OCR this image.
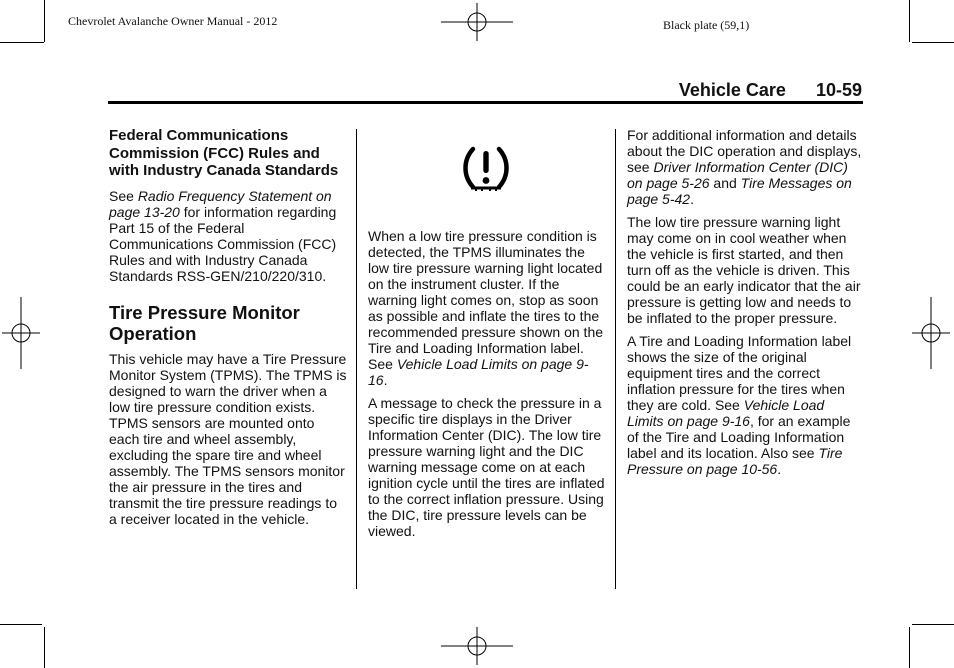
Chevrolet Avalanche Owner Manual - 2012	Black plate (59,1)
Vehicle Care 10-59
Federal Communications Commission (FCC) Rules and with Industry Canada Standards

See Radio Frequency Statement on page 13-20 for information regarding Part 15 of the Federal Communications Commission (FCC) Rules and with Industry Canada Standards RSS-GEN/210/220/310.

Tire Pressure Monitor Operation

This vehicle may have a Tire Pressure Monitor System (TPMS). The TPMS is designed to warn the driver when a low tire pressure condition exists. TPMS sensors are mounted onto each tire and wheel assembly, excluding the spare tire and wheel assembly. The TPMS sensors monitor the air pressure in the tires and transmit the tire pressure readings to a receiver located in the vehicle.

When a low tire pressure condition is detected, the TPMS illuminates the low tire pressure warning light located on the instrument cluster. If the warning light comes on, stop as soon as possible and inflate the tires to the recommended pressure shown on the Tire and Loading Information label. See Vehicle Load Limits on page 9-16.

A message to check the pressure in a specific tire displays in the Driver Information Center (DIC). The low tire pressure warning light and the DIC warning message come on at each ignition cycle until the tires are inflated to the correct inflation pressure. Using the DIC, tire pressure levels can be viewed.

For additional information and details about the DIC operation and displays, see Driver Information Center (DIC) on page 5-26 and Tire Messages on page 5-42.

The low tire pressure warning light may come on in cool weather when the vehicle is first started, and then turn off as the vehicle is driven. This could be an early indicator that the air pressure is getting low and needs to be inflated to the proper pressure.

A Tire and Loading Information label shows the size of the original equipment tires and the correct inflation pressure for the tires when they are cold. See Vehicle Load Limits on page 9-16, for an example of the Tire and Loading Information label and its location. Also see Tire Pressure on page 10-56.
